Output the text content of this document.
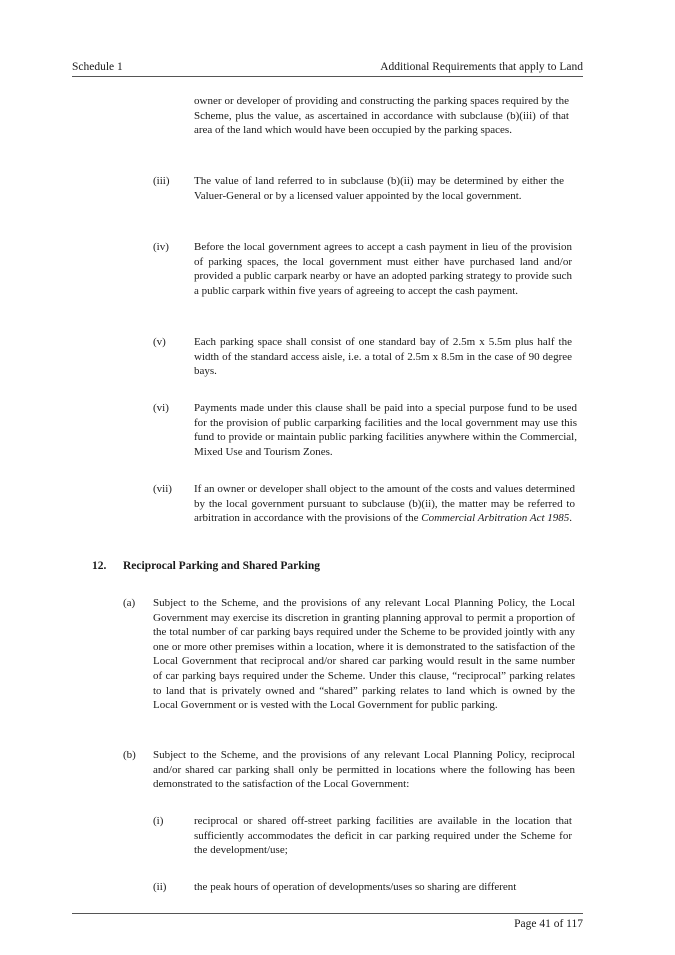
Schedule 1	Additional Requirements that apply to Land
owner or developer of providing and constructing the parking spaces required by the Scheme, plus the value, as ascertained in accordance with subclause (b)(iii) of that area of the land which would have been occupied by the parking spaces.
(iii) The value of land referred to in subclause (b)(ii) may be determined by either the Valuer-General or by a licensed valuer appointed by the local government.
(iv) Before the local government agrees to accept a cash payment in lieu of the provision of parking spaces, the local government must either have purchased land and/or provided a public carpark nearby or have an adopted parking strategy to provide such a public carpark within five years of agreeing to accept the cash payment.
(v)	Each parking space shall consist of one standard bay of 2.5m x 5.5m plus half the width of the standard access aisle, i.e. a total of 2.5m x 8.5m in the case of 90 degree bays.
(vi) Payments made under this clause shall be paid into a special purpose fund to be used for the provision of public carparking facilities and the local government may use this fund to provide or maintain public parking facilities anywhere within the Commercial, Mixed Use and Tourism Zones.
(vii) If an owner or developer shall object to the amount of the costs and values determined by the local government pursuant to subclause (b)(ii), the matter may be referred to arbitration in accordance with the provisions of the Commercial Arbitration Act 1985.
12. Reciprocal Parking and Shared Parking
(a) Subject to the Scheme, and the provisions of any relevant Local Planning Policy, the Local Government may exercise its discretion in granting planning approval to permit a proportion of the total number of car parking bays required under the Scheme to be provided jointly with any one or more other premises within a location, where it is demonstrated to the satisfaction of the Local Government that reciprocal and/or shared car parking would result in the same number of car parking bays required under the Scheme. Under this clause, “reciprocal” parking relates to land that is privately owned and “shared” parking relates to land which is owned by the Local Government or is vested with the Local Government for public parking.
(b) Subject to the Scheme, and the provisions of any relevant Local Planning Policy, reciprocal and/or shared car parking shall only be permitted in locations where the following has been demonstrated to the satisfaction of the Local Government:
(i)	reciprocal or shared off-street parking facilities are available in the location that sufficiently accommodates the deficit in car parking required under the Scheme for the development/use;
(ii)	the peak hours of operation of developments/uses so sharing are different
Page 41 of 117
